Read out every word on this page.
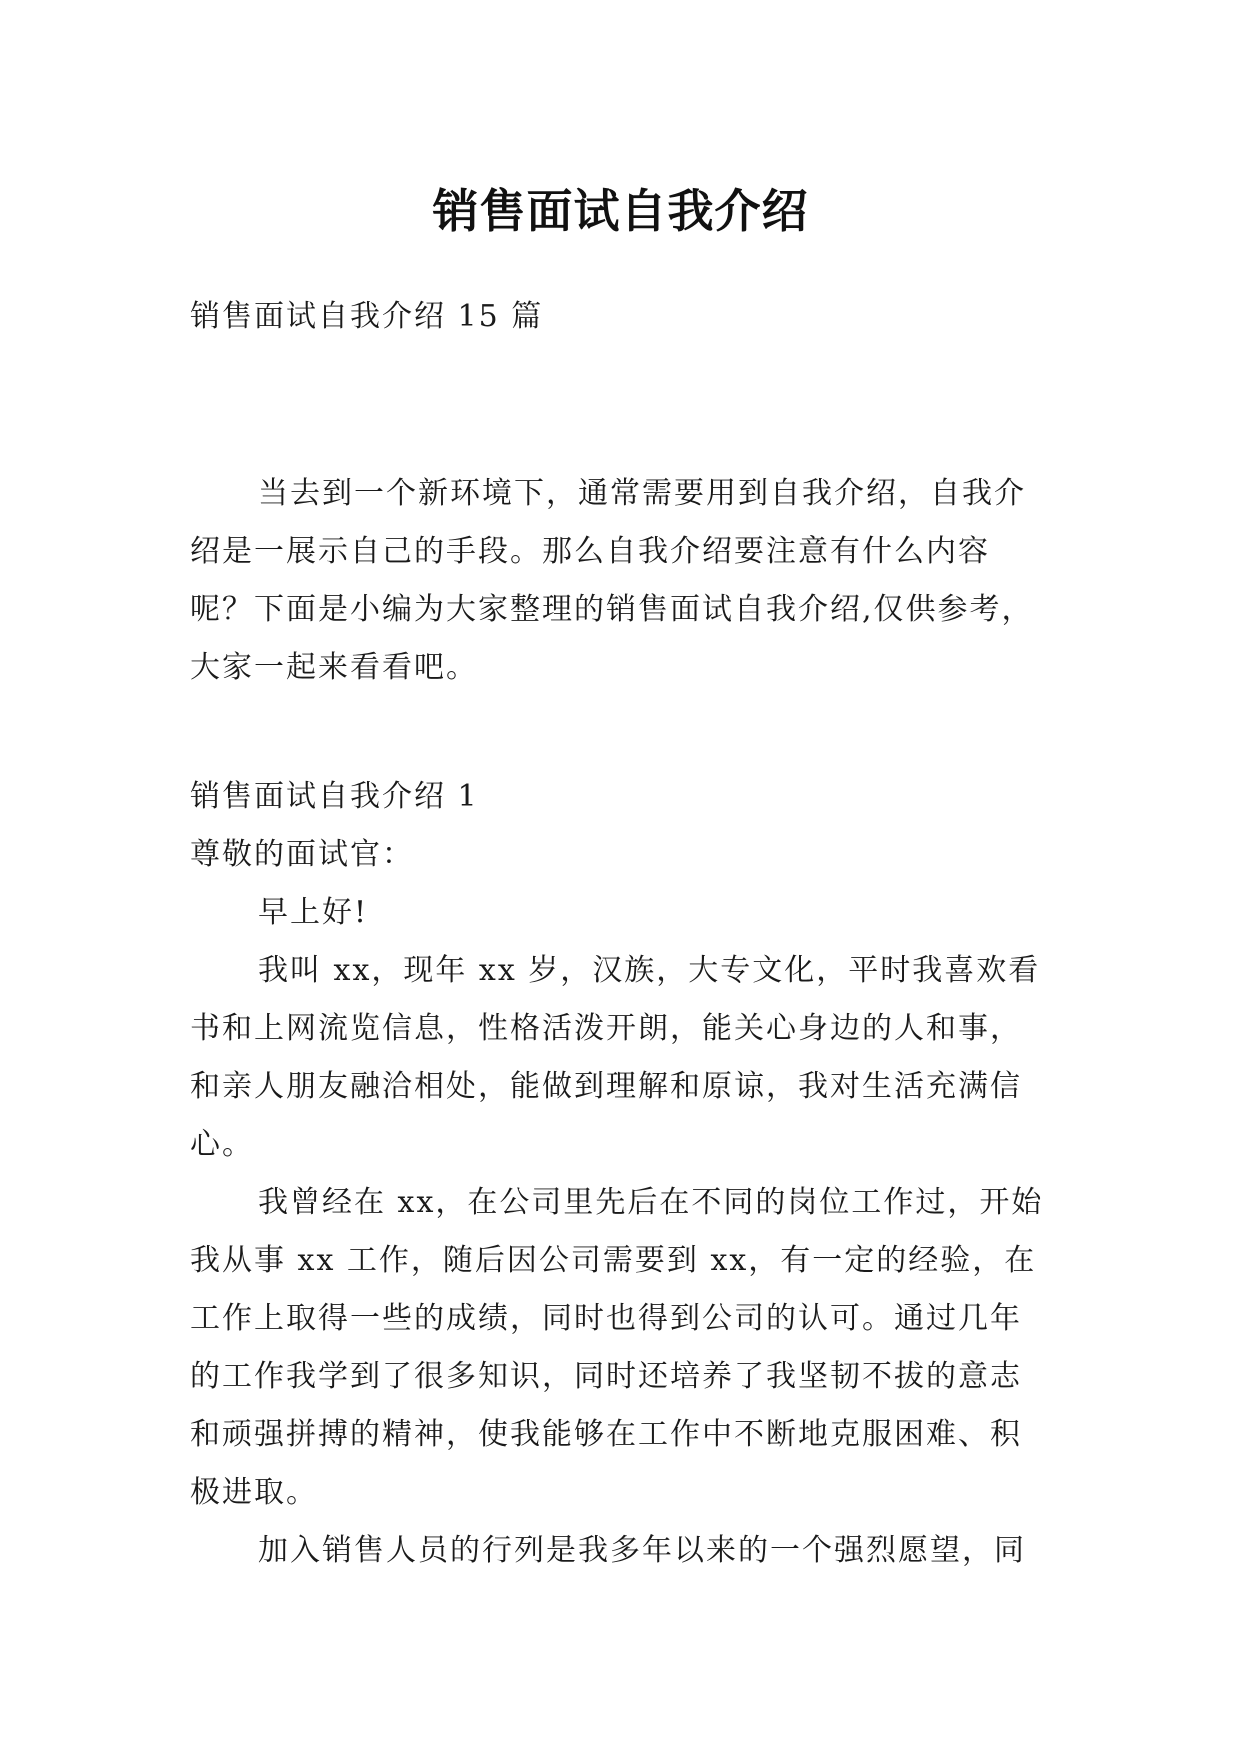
销售面试自我介绍

销售面试自我介绍 15 篇

当去到一个新环境下，通常需要用到自我介绍，自我介绍是一展示自己的手段。那么自我介绍要注意有什么内容呢？下面是小编为大家整理的销售面试自我介绍,仅供参考，大家一起来看看吧。

销售面试自我介绍 1

尊敬的面试官：

早上好!

我叫 xx，现年 xx 岁，汉族，大专文化，平时我喜欢看书和上网流览信息，性格活泼开朗，能关心身边的人和事，和亲人朋友融洽相处，能做到理解和原谅，我对生活充满信心。

我曾经在 xx，在公司里先后在不同的岗位工作过，开始我从事 xx 工作，随后因公司需要到 xx，有一定的经验，在工作上取得一些的成绩，同时也得到公司的认可。通过几年的工作我学到了很多知识，同时还培养了我坚韧不拔的意志和顽强拼搏的精神，使我能够在工作中不断地克服困难、积极进取。

加入销售人员的行列是我多年以来的一个强烈愿望，同
